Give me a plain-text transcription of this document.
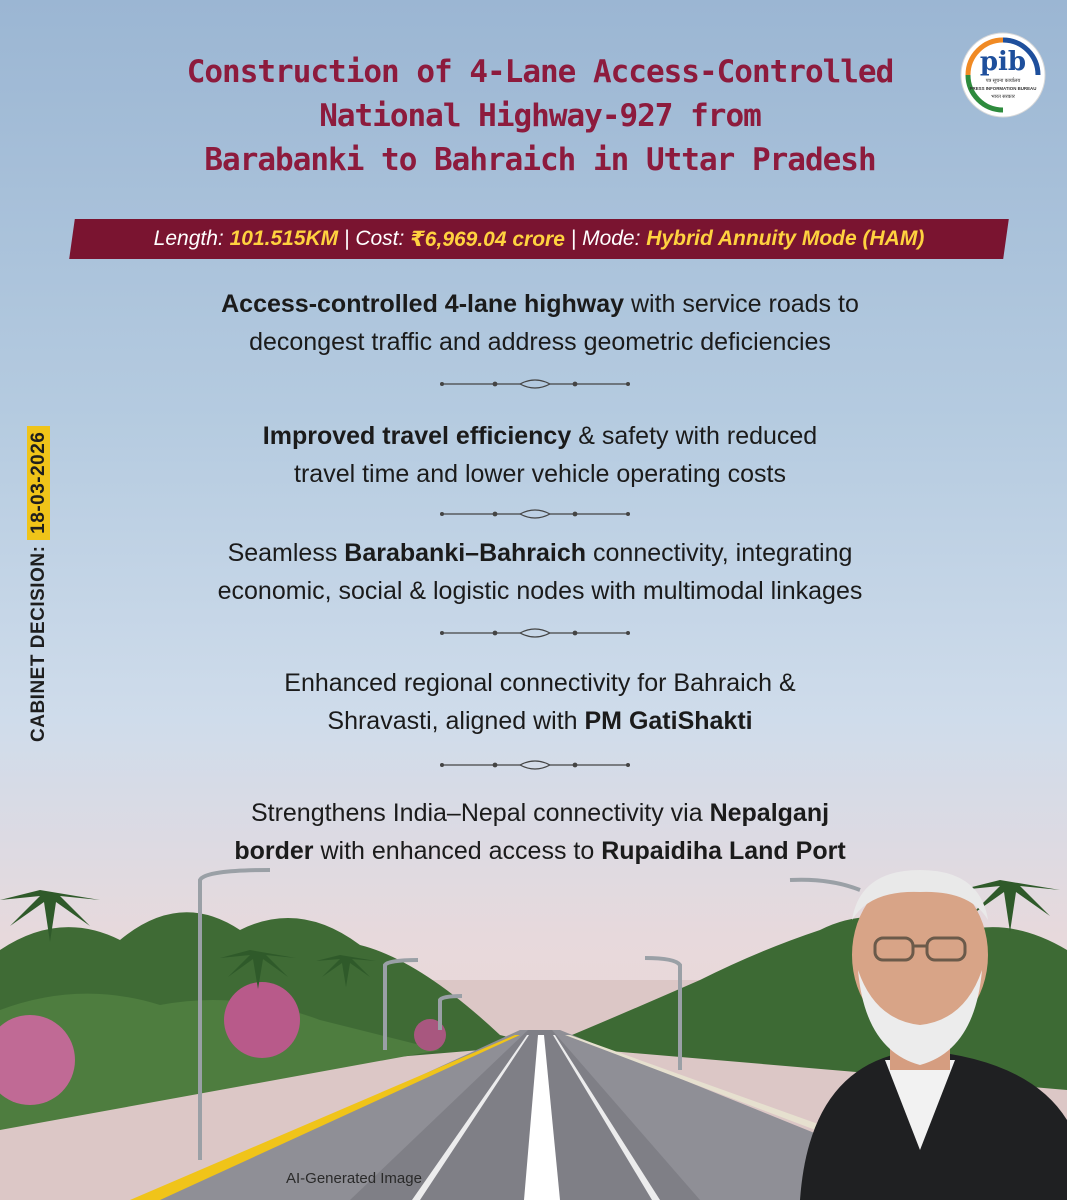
pib
पत्र सूचना कार्यालय
PRESS INFORMATION BUREAU
भारत सरकार
Construction of 4-Lane Access-Controlled
National Highway-927 from
Barabanki to Bahraich in Uttar Pradesh
Length:
101.515KM
|
Cost:
₹6,969.04 crore
|
Mode:
Hybrid Annuity Mode (HAM)
Access-controlled 4-lane highway with service roads to
decongest traffic and address geometric deficiencies
Improved travel efficiency & safety with reduced
travel time and lower vehicle operating costs
Seamless Barabanki–Bahraich connectivity, integrating
economic, social & logistic nodes with multimodal linkages
Enhanced regional connectivity for Bahraich &
Shravasti, aligned with PM GatiShakti
Strengthens India–Nepal connectivity via Nepalganj
border with enhanced access to Rupaidiha Land Port
CABINET DECISION: 18-03-2026
AI-Generated Image
